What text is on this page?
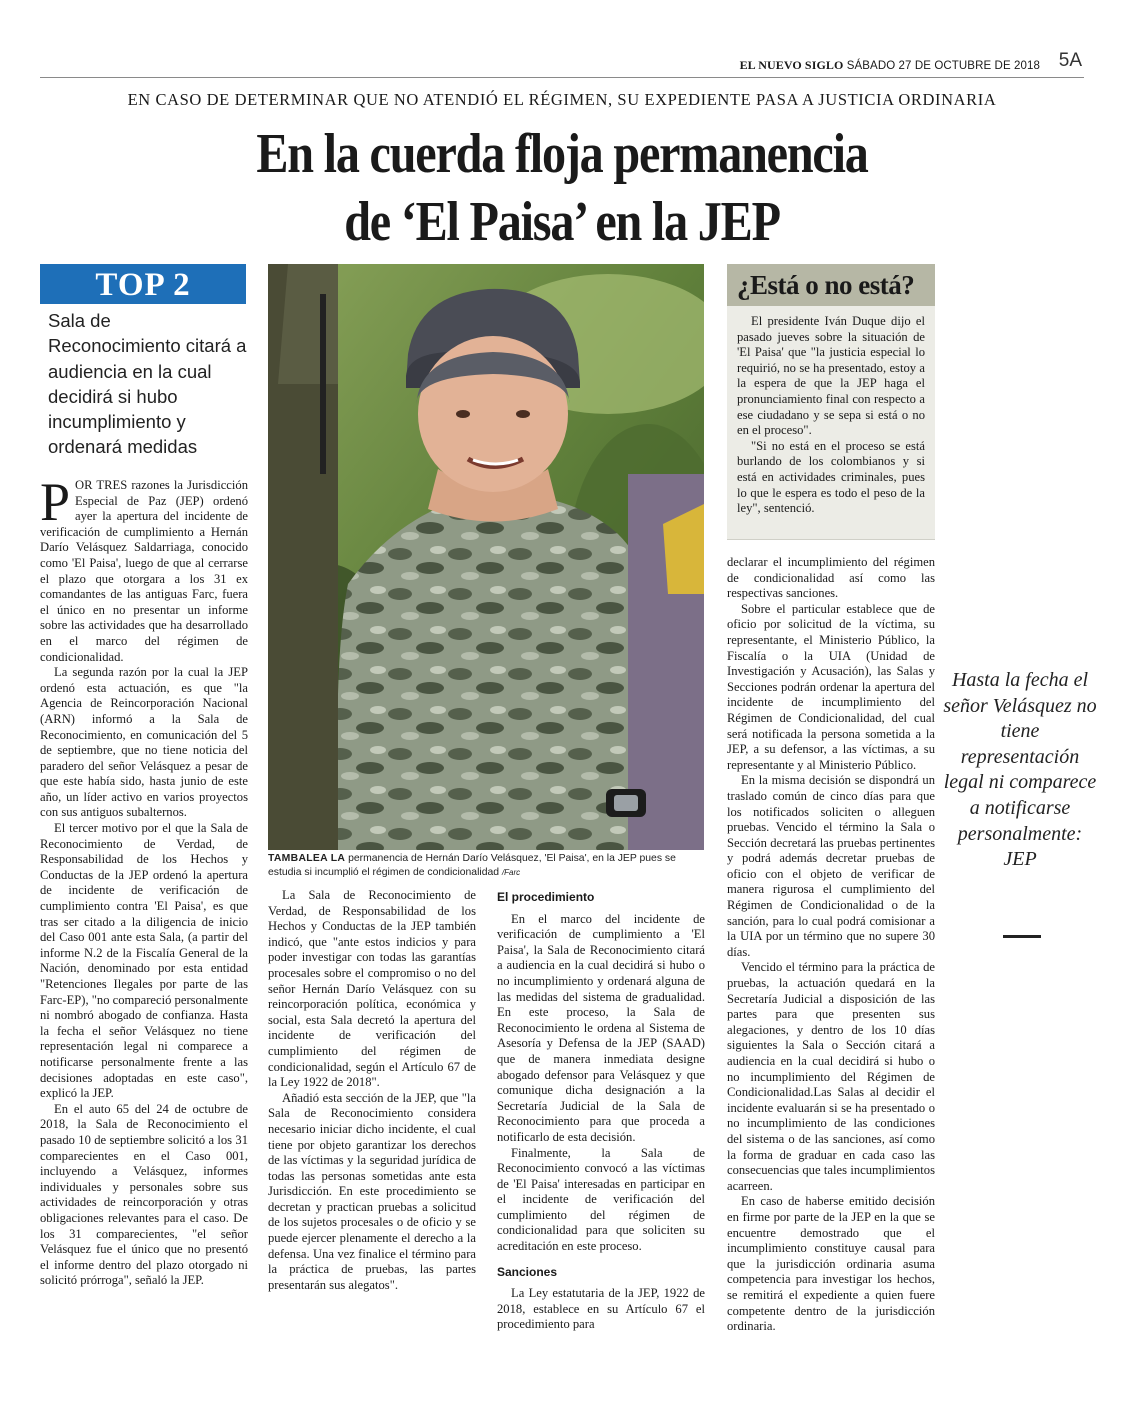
EL NUEVO SIGLO SÁBADO 27 DE OCTUBRE DE 2018 5A
EN CASO DE DETERMINAR QUE NO ATENDIÓ EL RÉGIMEN, SU EXPEDIENTE PASA A JUSTICIA ORDINARIA
En la cuerda floja permanencia
de ‘El Paisa’ en la JEP
TOP 2
Sala de Reconocimiento citará a audiencia en la cual decidirá si hubo incumplimiento y ordenará medidas

POR TRES razones la Jurisdicción Especial de Paz (JEP) ordenó ayer la apertura del incidente de verificación de cumplimiento a Hernán Darío Velásquez Saldarriaga, conocido como 'El Paisa', luego de que al cerrarse el plazo que otorgara a los 31 ex comandantes de las antiguas Farc, fuera el único en no presentar un informe sobre las actividades que ha desarrollado en el marco del régimen de condicionalidad.

La segunda razón por la cual la JEP ordenó esta actuación, es que "la Agencia de Reincorporación Nacional (ARN) informó a la Sala de Reconocimiento, en comunicación del 5 de septiembre, que no tiene noticia del paradero del señor Velásquez a pesar de que este había sido, hasta junio de este año, un líder activo en varios proyectos con sus antiguos subalternos.

El tercer motivo por el que la Sala de Reconocimiento de Verdad, de Responsabilidad de los Hechos y Conductas de la JEP ordenó la apertura de incidente de verificación de cumplimiento contra 'El Paisa', es que tras ser citado a la diligencia de inicio del Caso 001 ante esta Sala, (a partir del informe N.2 de la Fiscalía General de la Nación, denominado por esta entidad "Retenciones Ilegales por parte de las Farc-EP), "no compareció personalmente ni nombró abogado de confianza. Hasta la fecha el señor Velásquez no tiene representación legal ni comparece a notificarse personalmente frente a las decisiones adoptadas en este caso", explicó la JEP.

En el auto 65 del 24 de octubre de 2018, la Sala de Reconocimiento el pasado 10 de septiembre solicitó a los 31 comparecientes en el Caso 001, incluyendo a Velásquez, informes individuales y personales sobre sus actividades de reincorporación y otras obligaciones relevantes para el caso. De los 31 comparecientes, "el señor Velásquez fue el único que no presentó el informe dentro del plazo otorgado ni solicitó prórroga", señaló la JEP.

TAMBALEA LA permanencia de Hernán Darío Velásquez, 'El Paisa', en la JEP pues se estudia si incumplió el régimen de condicionalidad /Farc

La Sala de Reconocimiento de Verdad, de Responsabilidad de los Hechos y Conductas de la JEP también indicó, que "ante estos indicios y para poder investigar con todas las garantías procesales sobre el compromiso o no del señor Hernán Darío Velásquez con su reincorporación política, económica y social, esta Sala decretó la apertura del incidente de verificación del cumplimiento del régimen de condicionalidad, según el Artículo 67 de la Ley 1922 de 2018".

Añadió esta sección de la JEP, que "la Sala de Reconocimiento considera necesario iniciar dicho incidente, el cual tiene por objeto garantizar los derechos de las víctimas y la seguridad jurídica de todas las personas sometidas ante esta Jurisdicción. En este procedimiento se decretan y practican pruebas a solicitud de los sujetos procesales o de oficio y se puede ejercer plenamente el derecho a la defensa. Una vez finalice el término para la práctica de pruebas, las partes presentarán sus alegatos".

El procedimiento

En el marco del incidente de verificación de cumplimiento a 'El Paisa', la Sala de Reconocimiento citará a audiencia en la cual decidirá si hubo o no incumplimiento y ordenará alguna de las medidas del sistema de gradualidad. En este proceso, la Sala de Reconocimiento le ordena al Sistema de Asesoría y Defensa de la JEP (SAAD) que de manera inmediata designe abogado defensor para Velásquez y que comunique dicha designación a la Secretaría Judicial de la Sala de Reconocimiento para que proceda a notificarlo de esta decisión.

Finalmente, la Sala de Reconocimiento convocó a las víctimas de 'El Paisa' interesadas en participar en el incidente de verificación del cumplimiento del régimen de condicionalidad para que soliciten su acreditación en este proceso.

Sanciones

La Ley estatutaria de la JEP, 1922 de 2018, establece en su Artículo 67 el procedimiento para

¿Está o no está?

El presidente Iván Duque dijo el pasado jueves sobre la situación de 'El Paisa' que "la justicia especial lo requirió, no se ha presentado, estoy a la espera de que la JEP haga el pronunciamiento final con respecto a ese ciudadano y se sepa si está o no en el proceso".

"Si no está en el proceso se está burlando de los colombianos y si está en actividades criminales, pues lo que le espera es todo el peso de la ley", sentenció.

declarar el incumplimiento del régimen de condicionalidad así como las respectivas sanciones.

Sobre el particular establece que de oficio por solicitud de la víctima, su representante, el Ministerio Público, la Fiscalía o la UIA (Unidad de Investigación y Acusación), las Salas y Secciones podrán ordenar la apertura del incidente de incumplimiento del Régimen de Condicionalidad, del cual será notificada la persona sometida a la JEP, a su defensor, a las víctimas, a su representante y al Ministerio Público.

En la misma decisión se dispondrá un traslado común de cinco días para que los notificados soliciten o alleguen pruebas. Vencido el término la Sala o Sección decretará las pruebas pertinentes y podrá además decretar pruebas de oficio con el objeto de verificar de manera rigurosa el cumplimiento del Régimen de Condicionalidad o de la sanción, para lo cual podrá comisionar a la UIA por un término que no supere 30 días.

Vencido el término para la práctica de pruebas, la actuación quedará en la Secretaría Judicial a disposición de las partes para que presenten sus alegaciones, y dentro de los 10 días siguientes la Sala o Sección citará a audiencia en la cual decidirá si hubo o no incumplimiento del Régimen de Condicionalidad.Las Salas al decidir el incidente evaluarán si se ha presentado o no incumplimiento de las condiciones del sistema o de las sanciones, así como la forma de graduar en cada caso las consecuencias que tales incumplimientos acarreen.

En caso de haberse emitido decisión en firme por parte de la JEP en la que se encuentre demostrado que el incumplimiento constituye causal para que la jurisdicción ordinaria asuma competencia para investigar los hechos, se remitirá el expediente a quien fuere competente dentro de la jurisdicción ordinaria.

Hasta la fecha el señor Velásquez no tiene representación legal ni comparece a notificarse personalmente: JEP
